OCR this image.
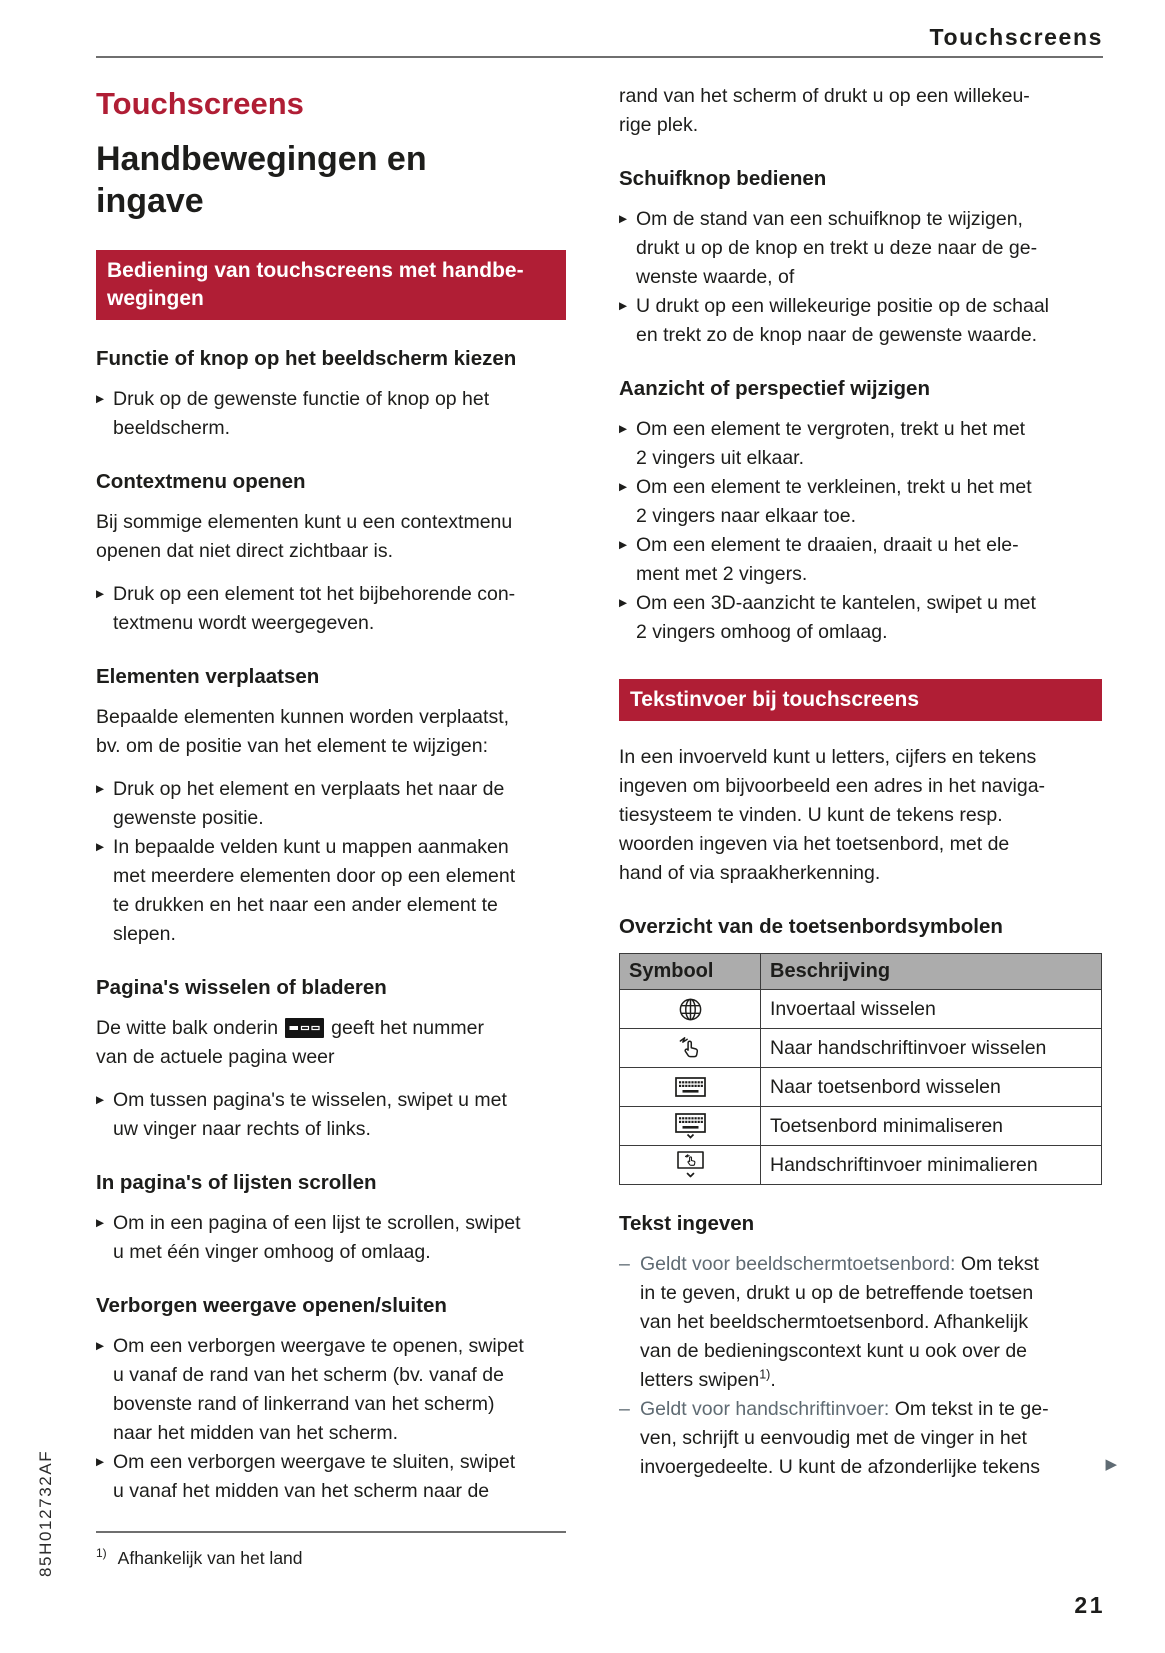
Touchscreens
Touchscreens
Handbewegingen en
ingave
Bediening van touchscreens met handbe-
wegingen
Functie of knop op het beeldscherm kiezen
▶ Druk op de gewenste functie of knop op het
beeldscherm.
Contextmenu openen

Bij sommige elementen kunt u een contextmenu
openen dat niet direct zichtbaar is.

▶ Druk op een element tot het bijbehorende con-
textmenu wordt weergegeven.
Elementen verplaatsen

Bepaalde elementen kunnen worden verplaatst,
bv. om de positie van het element te wijzigen:

▶ Druk op het element en verplaats het naar de
gewenste positie.
▶ In bepaalde velden kunt u mappen aanmaken
met meerdere elementen door op een element
te drukken en het naar een ander element te
slepen.
Pagina's wisselen of bladeren

De witte balk onderin	geeft het nummer
van de actuele pagina weer

▶ Om tussen pagina's te wisselen, swipet u met
uw vinger naar rechts of links.
In pagina's of lijsten scrollen
▶ Om in een pagina of een lijst te scrollen, swipet
u met één vinger omhoog of omlaag.
Verborgen weergave openen/sluiten
▶ Om een verborgen weergave te openen, swipet
u vanaf de rand van het scherm (bv. vanaf de
bovenste rand of linkerrand van het scherm)
naar het midden van het scherm.
▶ Om een verborgen weergave te sluiten, swipet
u vanaf het midden van het scherm naar de

rand van het scherm of drukt u op een willekeu-
rige plek.

Schuifknop bedienen
▶ Om de stand van een schuifknop te wijzigen,
drukt u op de knop en trekt u deze naar de ge-
wenste waarde, of
▶ U drukt op een willekeurige positie op de schaal
en trekt zo de knop naar de gewenste waarde.
Aanzicht of perspectief wijzigen
▶ Om een element te vergroten, trekt u het met
2 vingers uit elkaar.
▶ Om een element te verkleinen, trekt u het met
2 vingers naar elkaar toe.
▶ Om een element te draaien, draait u het ele-
ment met 2 vingers.
▶ Om een 3D-aanzicht te kantelen, swipet u met
2 vingers omhoog of omlaag.
Tekstinvoer bij touchscreens

In een invoerveld kunt u letters, cijfers en tekens
ingeven om bijvoorbeeld een adres in het naviga-
tiesysteem te vinden. U kunt de tekens resp.
woorden ingeven via het toetsenbord, met de
hand of via spraakherkenning.

Overzicht van de toetsenbordsymbolen
Symbool	Beschrijving

	Invoertaal wisselen

	Naar handschriftinvoer wisselen

	Naar toetsenbord wisselen

	Toetsenbord minimaliseren

	Handschriftinvoer minimalieren
Tekst ingeven
– Geldt voor beeldschermtoetsenbord: Om tekst
in te geven, drukt u op de betreffende toetsen
van het beeldschermtoetsenbord. Afhankelijk
van de bedieningscontext kunt u ook over de
letters swipen$^{1)}$.
– Geldt voor handschriftinvoer: Om tekst in te ge-
ven, schrijft u eenvoudig met de vinger in het
invoergedeelte. U kunt de afzonderlijke tekens	▶
$^{1)}$ Afhankelijk van het land
85H012732AF
21
